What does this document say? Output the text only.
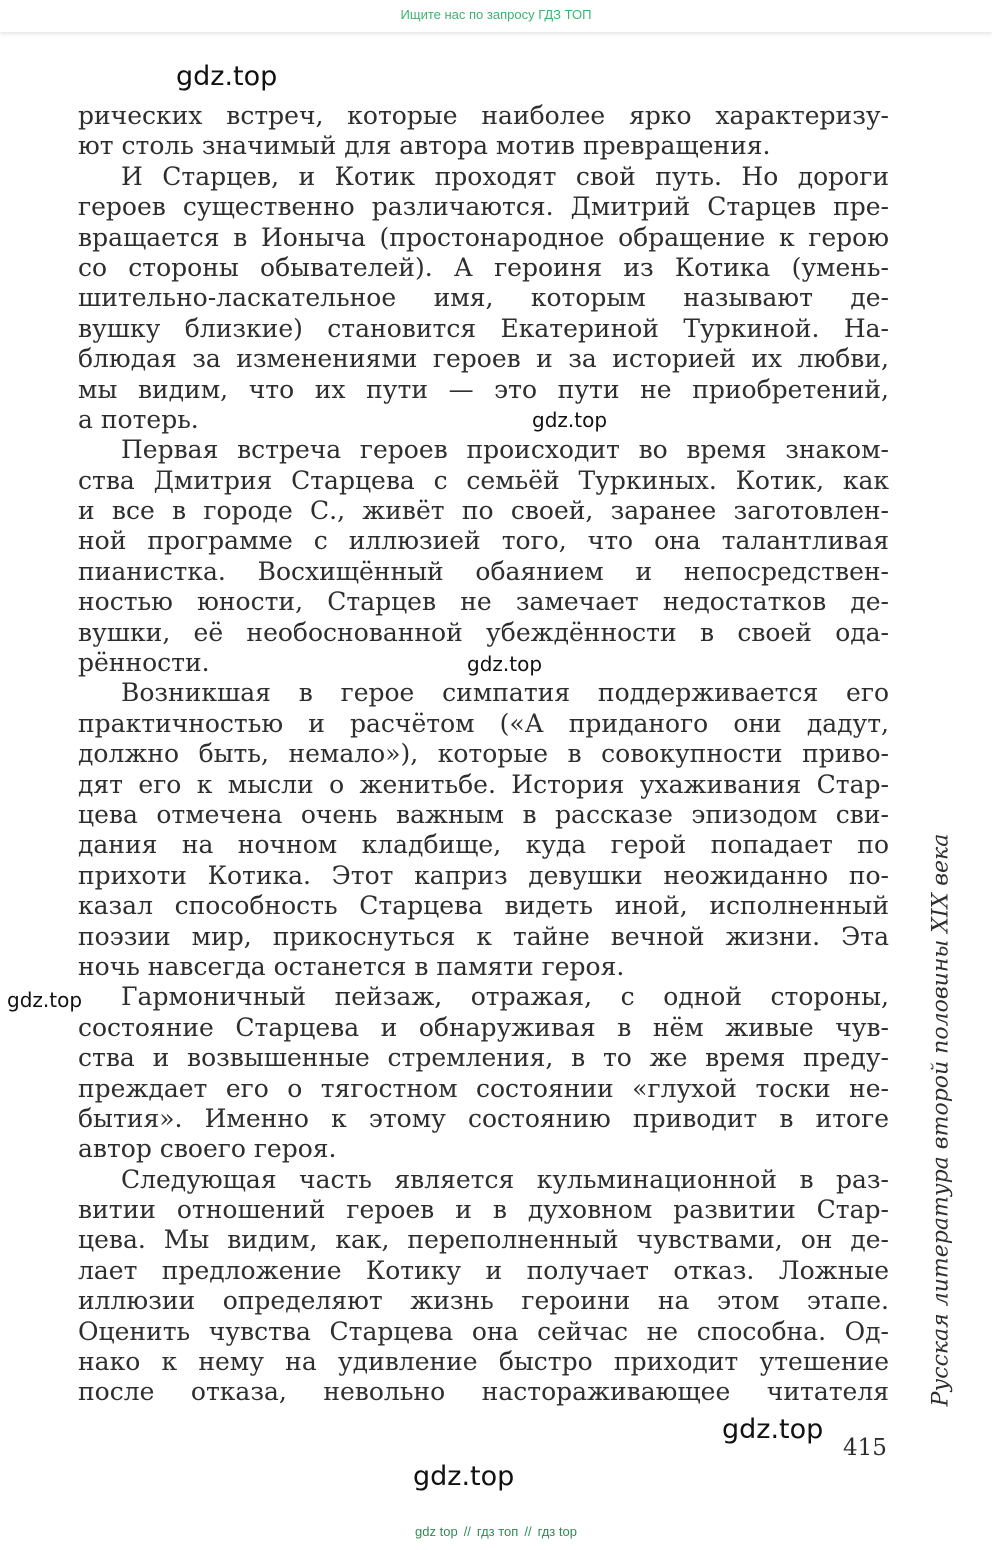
Ищите нас по запросу ГДЗ ТОП
gdz.top
gdz.top
gdz.top
gdz.top
gdz.top
gdz.top
рических встреч, которые наиболее ярко характеризу-
ют столь значимый для автора мотив превращения.
И Старцев, и Котик проходят свой путь. Но дороги
героев существенно различаются. Дмитрий Старцев пре-
вращается в Ионыча (простонародное обращение к герою
со стороны обывателей). А героиня из Котика (умень-
шительно-ласкательное имя, которым называют де-
вушку близкие) становится Екатериной Туркиной. На-
блюдая за изменениями героев и за историей их любви,
мы видим, что их пути — это пути не приобретений,
а потерь.
Первая встреча героев происходит во время знаком-
ства Дмитрия Старцева с семьёй Туркиных. Котик, как
и все в городе С., живёт по своей, заранее заготовлен-
ной программе с иллюзией того, что она талантливая
пианистка. Восхищённый обаянием и непосредствен-
ностью юности, Старцев не замечает недостатков де-
вушки, её необоснованной убеждённости в своей ода-
рённости.
Возникшая в герое симпатия поддерживается его
практичностью и расчётом («А приданого они дадут,
должно быть, немало»), которые в совокупности приво-
дят его к мысли о женитьбе. История ухаживания Стар-
цева отмечена очень важным в рассказе эпизодом сви-
дания на ночном кладбище, куда герой попадает по
прихоти Котика. Этот каприз девушки неожиданно по-
казал способность Старцева видеть иной, исполненный
поэзии мир, прикоснуться к тайне вечной жизни. Эта
ночь навсегда останется в памяти героя.
Гармоничный пейзаж, отражая, с одной стороны,
состояние Старцева и обнаруживая в нём живые чув-
ства и возвышенные стремления, в то же время преду-
преждает его о тягостном состоянии «глухой тоски не-
бытия». Именно к этому состоянию приводит в итоге
автор своего героя.
Следующая часть является кульминационной в раз-
витии отношений героев и в духовном развитии Стар-
цева. Мы видим, как, переполненный чувствами, он де-
лает предложение Котику и получает отказ. Ложные
иллюзии определяют жизнь героини на этом этапе.
Оценить чувства Старцева она сейчас не способна. Од-
нако к нему на удивление быстро приходит утешение
после отказа, невольно настораживающее читателя Русская литература второй половины XIX века
415
gdz top // гдз топ // гдз top
